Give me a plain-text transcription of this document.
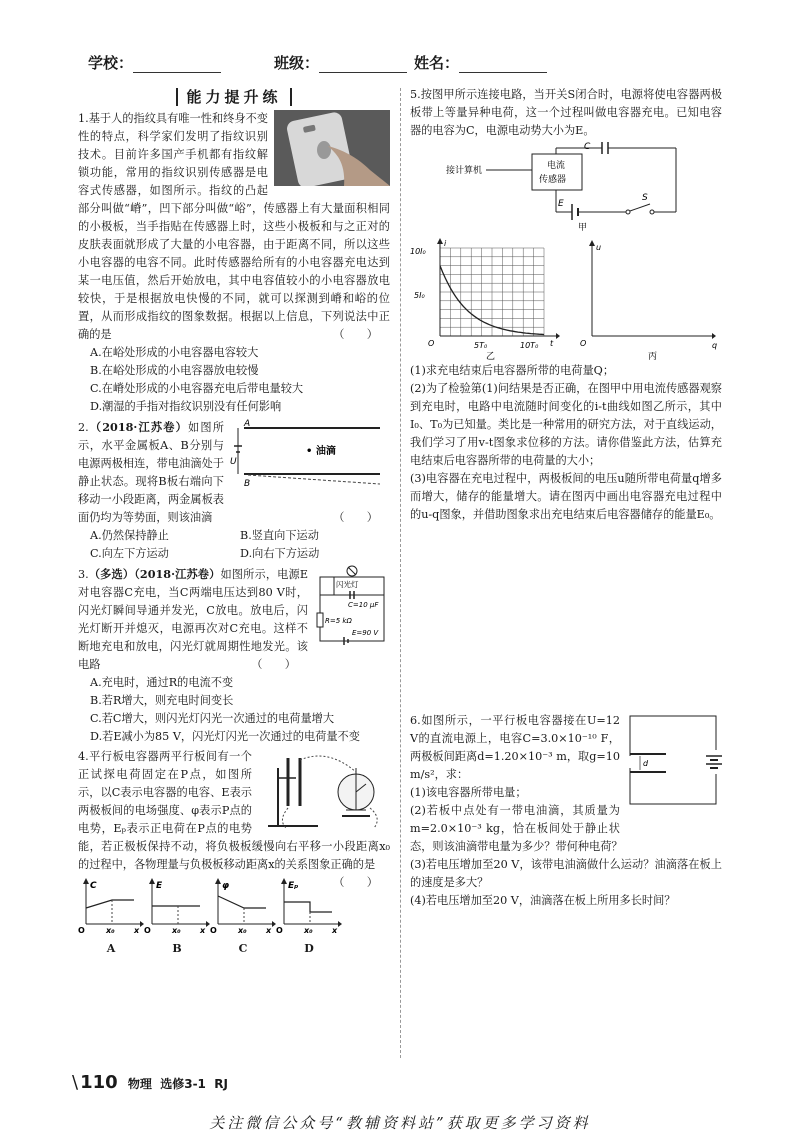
学校：	班级：	姓名：
能力提升练

1.基于人的指纹具有唯一性和终身不变性的特点，科学家们发明了指纹识别技术。目前许多国产手机都有指纹解锁功能，常用的指纹识别传感器是电容式传感器，如图所示。指纹的凸起部分叫做“嵴”，凹下部分叫做“峪”，传感器上有大量面积相同的小极板，当手指贴在传感器上时，这些小极板和与之正对的皮肤表面就形成了大量的小电容器，由于距离不同，所以这些小电容器的电容不同。此时传感器给所有的小电容器充电达到某一电压值，然后开始放电，其中电容值较小的小电容器放电较快，于是根据放电快慢的不同，就可以探测到嵴和峪的位置，从而形成指纹的图象数据。根据以上信息，下列说法中正确的是	（　　）

A.在峪处形成的小电容器电容较大
B.在峪处形成的小电容器放电较慢
C.在嵴处形成的小电容器充电后带电量较大
D.潮湿的手指对指纹识别没有任何影响
A
B
U
• 油滴

2.（2018·江苏卷）如图所示，水平金属板A、B分别与电源两极相连，带电油滴处于静止状态。现将B板右端向下移动一小段距离，两金属板表面仍均为等势面，则该油滴	（　　）

A.仍然保持静止	B.竖直向下运动
C.向左下方运动	D.向右下方运动
闪光灯
C=10 μF
R=5 kΩ
E=90 V

3.（多选）（2018·江苏卷）如图所示，电源E对电容器C充电，当C两端电压达到80 V时，闪光灯瞬间导通并发光，C放电。放电后，闪光灯断开并熄灭，电源再次对C充电。这样不断地充电和放电，闪光灯就周期性地发光。该电路	（　　）

A.充电时，通过R的电流不变
B.若R增大，则充电时间变长
C.若C增大，则闪光灯闪光一次通过的电荷量增大
D.若E减小为85 V，闪光灯闪光一次通过的电荷量不变

4.平行板电容器两平行板间有一个正试探电荷固定在P点，如图所示，以C表示电容器的电容、E表示两极板间的电场强度、φ表示P点的电势，Eₚ表示正电荷在P点的电势能，若正极板保持不动，将负极板缓慢向右平移一小段距离x₀的过程中，各物理量与负极板移动距离x的关系图象正确的是
（　　）

C
O	x₀ x
A
E
O	x₀ x
B
φ
O	x₀ x
C
Eₚ
O	x₀ x
D

5.按图甲所示连接电路，当开关S闭合时，电源将使电容器两极板带上等量异种电荷，这一个过程叫做电容器充电。已知电容器的电容为C，电源电动势大小为E。

接计算机	电流
传感器
C
E
S
甲
10I₀
5I₀
i
O	5T₀	10T₀ t
乙
u
O	q
丙

(1)求充电结束后电容器所带的电荷量Q；

(2)为了检验第(1)问结果是否正确，在图甲中用电流传感器观察到充电时，电路中电流随时间变化的i-t曲线如图乙所示，其中I₀、T₀为已知量。类比是一种常用的研究方法，对于直线运动，我们学习了用v-t图象求位移的方法。请你借鉴此方法，估算充电结束后电容器所带的电荷量的大小；

(3)电容器在充电过程中，两极板间的电压u随所带电荷量q增多而增大，储存的能量增大。请在图丙中画出电容器充电过程中的u-q图象，并借助图象求出充电结束后电容器储存的能量E₀。

d

6.如图所示，一平行板电容器接在U=12 V的直流电源上，电容C=3.0×10⁻¹⁰ F，两极板间距离d=1.20×10⁻³ m，取g=10 m/s²，求：

(1)该电容器所带电量；

(2)若板中点处有一带电油滴，其质量为m=2.0×10⁻³ kg，恰在板间处于静止状态，则该油滴带电量为多少？带何种电荷？

(3)若电压增加至20 V，该带电油滴做什么运动？油滴落在板上的速度是多大？

(4)若电压增加至20 V，油滴落在板上所用多长时间？

\ 110 物理 选修3-1 RJ
关注微信公众号“教辅资料站”获取更多学习资料
